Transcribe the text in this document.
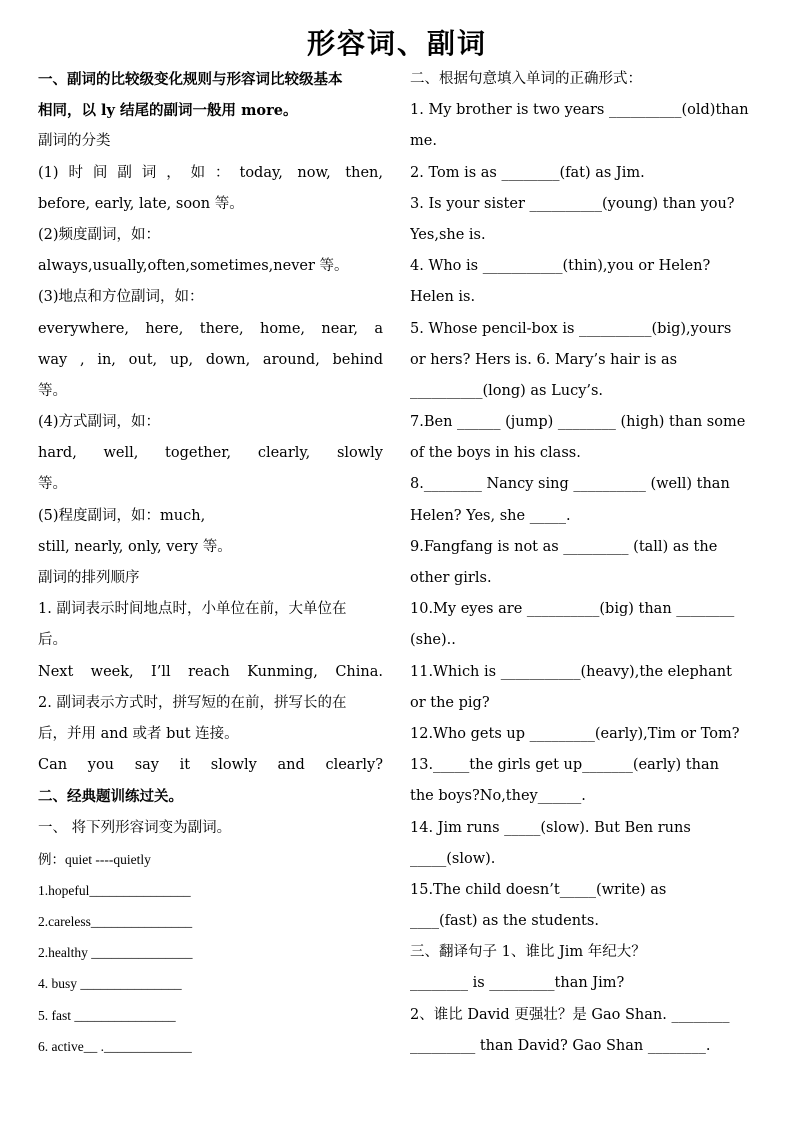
形容词、副词
一、副词的比较级变化规则与形容词比较级基本
相同，以 ly 结尾的副词一般用 more。
副词的分类
(1)时间副词，如：today, now, then,
before, early, late, soon 等。
(2)频度副词，如：
always,usually,often,sometimes,never 等。
(3)地点和方位副词，如：
everywhere, here, there, home, near, a
way , in, out, up, down, around, behind
等。
(4)方式副词，如：
hard, well, together, clearly, slowly
等。
(5)程度副词，如：much,
still, nearly, only, very 等。
副词的排列顺序
1. 副词表示时间地点时，小单位在前，大单位在
后。
Next week, I’ll reach Kunming, China.
2. 副词表示方式时，拼写短的在前，拼写长的在
后，并用 and 或者 but 连接。
Can you say it slowly and clearly?
二、经典题训练过关。
一、 将下列形容词变为副词。
例：quiet ----quietly
1.hopeful_______________
2.careless_______________
2.healthy _______________
4. busy _______________
5. fast _______________
6. active__ ._____________
二、根据句意填入单词的正确形式：
1. My brother is two years __________(old)than
me.
2. Tom is as ________(fat) as Jim.
3. Is your sister __________(young) than you?
Yes,she is.
4. Who is ___________(thin),you or Helen?
Helen is.
5. Whose pencil-box is __________(big),yours
or hers? Hers is. 6. Mary’s hair is as
__________(long) as Lucy’s.
7.Ben ______ (jump) ________ (high) than some
of the boys in his class.
8.________ Nancy sing __________ (well) than
Helen? Yes, she _____.
9.Fangfang is not as _________ (tall) as the
other girls.
10.My eyes are __________(big) than ________
(she)..
11.Which is ___________(heavy),the elephant
or the pig?
12.Who gets up _________(early),Tim or Tom?
13._____the girls get up_______(early) than
the boys?No,they______.
14. Jim runs _____(slow). But Ben runs
_____(slow).
15.The child doesn’t_____(write) as
____(fast) as the students.
三、翻译句子 1、谁比 Jim 年纪大？
________ is _________than Jim?
2、谁比 David 更强壮？是 Gao Shan. ________
_________ than David? Gao Shan ________.
